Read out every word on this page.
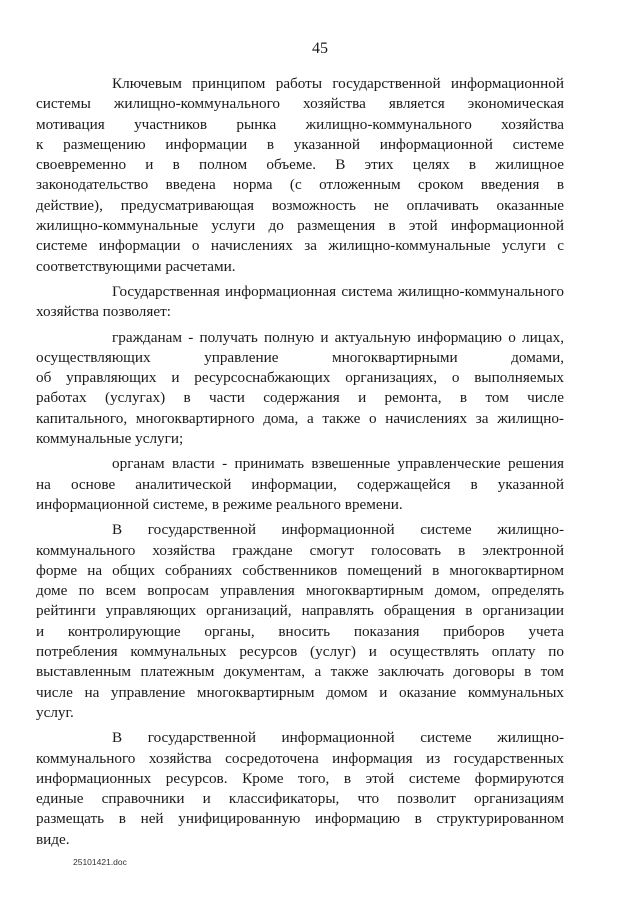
45

Ключевым принципом работы государственной информационной
системы жилищно-коммунального хозяйства является экономическая
мотивация участников рынка жилищно-коммунального хозяйства
к размещению информации в указанной информационной системе
своевременно и в полном объеме. В этих целях в жилищное
законодательство введена норма (с отложенным сроком введения в
действие), предусматривающая возможность не оплачивать оказанные
жилищно-коммунальные услуги до размещения в этой информационной
системе информации о начислениях за жилищно-коммунальные услуги с
соответствующими расчетами.

Государственная информационная система жилищно-коммунального
хозяйства позволяет:

гражданам - получать полную и актуальную информацию о лицах,
осуществляющих управление многоквартирными домами,
об управляющих и ресурсоснабжающих организациях, о выполняемых
работах (услугах) в части содержания и ремонта, в том числе
капитального, многоквартирного дома, а также о начислениях за жилищно-
коммунальные услуги;

органам власти - принимать взвешенные управленческие решения
на основе аналитической информации, содержащейся в указанной
информационной системе, в режиме реального времени.

В государственной информационной системе жилищно-
коммунального хозяйства граждане смогут голосовать в электронной
форме на общих собраниях собственников помещений в многоквартирном
доме по всем вопросам управления многоквартирным домом, определять
рейтинги управляющих организаций, направлять обращения в организации
и контролирующие органы, вносить показания приборов учета
потребления коммунальных ресурсов (услуг) и осуществлять оплату по
выставленным платежным документам, а также заключать договоры в том
числе на управление многоквартирным домом и оказание коммунальных
услуг.

В государственной информационной системе жилищно-
коммунального хозяйства сосредоточена информация из государственных
информационных ресурсов. Кроме того, в этой системе формируются
единые справочники и классификаторы, что позволит организациям
размещать в ней унифицированную информацию в структурированном
виде.

25101421.doc
